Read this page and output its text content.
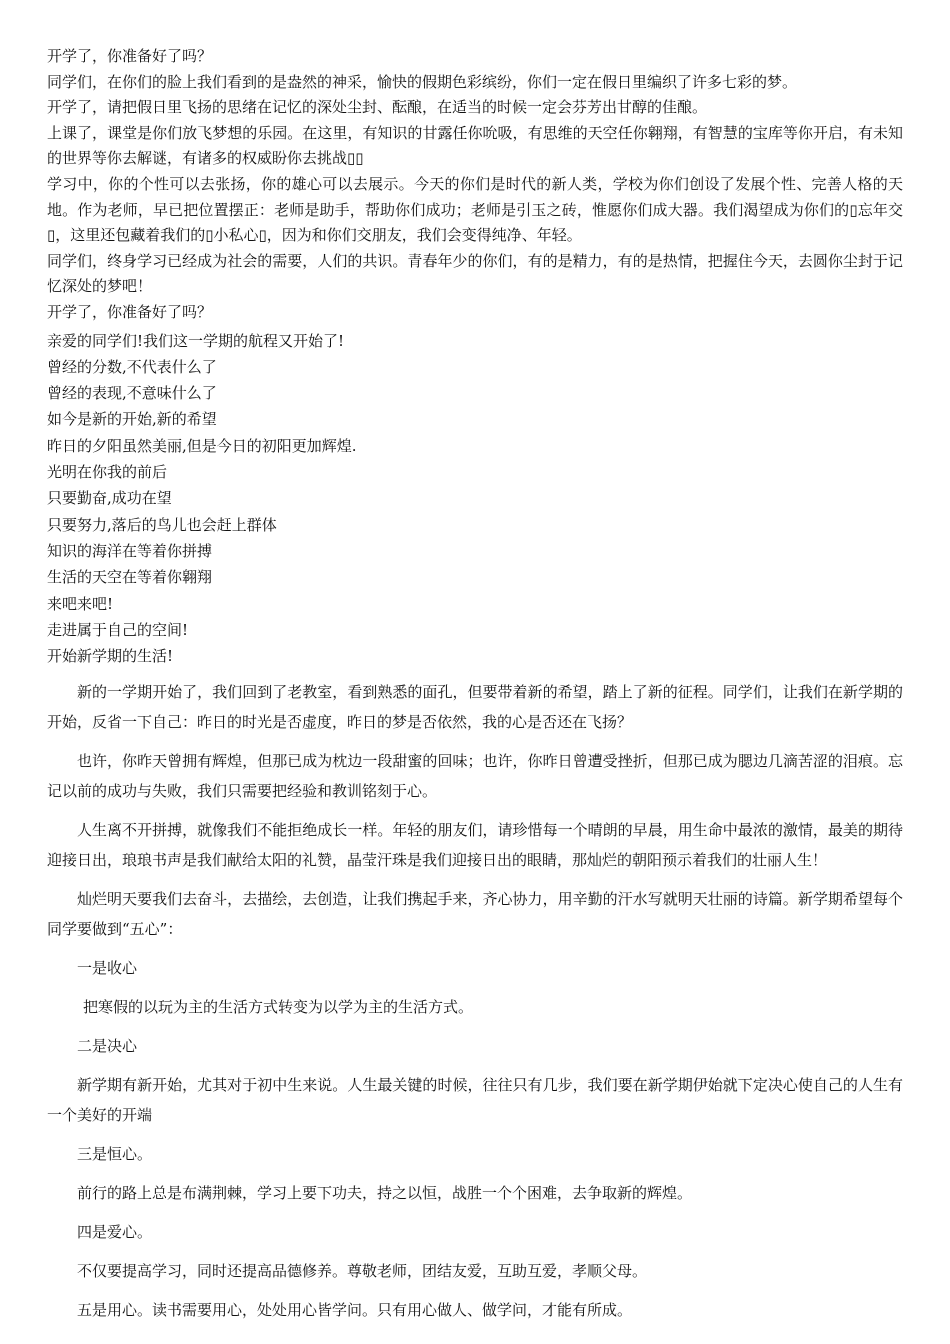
开学了，你准备好了吗？

同学们，在你们的脸上我们看到的是盎然的神采，愉快的假期色彩缤纷，你们一定在假日里编织了许多七彩的梦。

开学了，请把假日里飞扬的思绪在记忆的深处尘封、酝酿，在适当的时候一定会芬芳出甘醇的佳酿。

上课了，课堂是你们放飞梦想的乐园。在这里，有知识的甘露任你吮吸，有思维的天空任你翱翔，有智慧的宝库等你开启，有未知的世界等你去解谜，有诸多的权威盼你去挑战▯▯

学习中，你的个性可以去张扬，你的雄心可以去展示。今天的你们是时代的新人类，学校为你们创设了发展个性、完善人格的天地。作为老师，早已把位置摆正：老师是助手，帮助你们成功；老师是引玉之砖，惟愿你们成大器。我们渴望成为你们的▯忘年交▯，这里还包藏着我们的▯小私心▯，因为和你们交朋友，我们会变得纯净、年轻。

同学们，终身学习已经成为社会的需要，人们的共识。青春年少的你们，有的是精力，有的是热情，把握住今天，去圆你尘封于记忆深处的梦吧！

开学了，你准备好了吗？

亲爱的同学们!我们这一学期的航程又开始了!

曾经的分数,不代表什么了

曾经的表现,不意味什么了

如今是新的开始,新的希望

昨日的夕阳虽然美丽,但是今日的初阳更加辉煌.

光明在你我的前后

只要勤奋,成功在望

只要努力,落后的鸟儿也会赶上群体

知识的海洋在等着你拼搏

生活的天空在等着你翱翔

来吧来吧!

走进属于自己的空间!

开始新学期的生活!

新的一学期开始了，我们回到了老教室，看到熟悉的面孔，但要带着新的希望，踏上了新的征程。同学们，让我们在新学期的开始，反省一下自己：昨日的时光是否虚度，昨日的梦是否依然，我的心是否还在飞扬？

也许，你昨天曾拥有辉煌，但那已成为枕边一段甜蜜的回味；也许，你昨日曾遭受挫折，但那已成为腮边几滴苦涩的泪痕。忘记以前的成功与失败，我们只需要把经验和教训铭刻于心。

人生离不开拼搏，就像我们不能拒绝成长一样。年轻的朋友们，请珍惜每一个晴朗的早晨，用生命中最浓的激情，最美的期待迎接日出，琅琅书声是我们献给太阳的礼赞，晶莹汗珠是我们迎接日出的眼睛，那灿烂的朝阳预示着我们的壮丽人生！

灿烂明天要我们去奋斗，去描绘，去创造，让我们携起手来，齐心协力，用辛勤的汗水写就明天壮丽的诗篇。新学期希望每个同学要做到“五心”：

一是收心

把寒假的以玩为主的生活方式转变为以学为主的生活方式。

二是决心

新学期有新开始，尤其对于初中生来说。人生最关键的时候，往往只有几步，我们要在新学期伊始就下定决心使自己的人生有一个美好的开端

三是恒心。

前行的路上总是布满荆棘，学习上要下功夫，持之以恒，战胜一个个困难，去争取新的辉煌。

四是爱心。

不仅要提高学习，同时还提高品德修养。尊敬老师，团结友爱，互助互爱，孝顺父母。

五是用心。读书需要用心，处处用心皆学问。只有用心做人、做学问，才能有所成。
